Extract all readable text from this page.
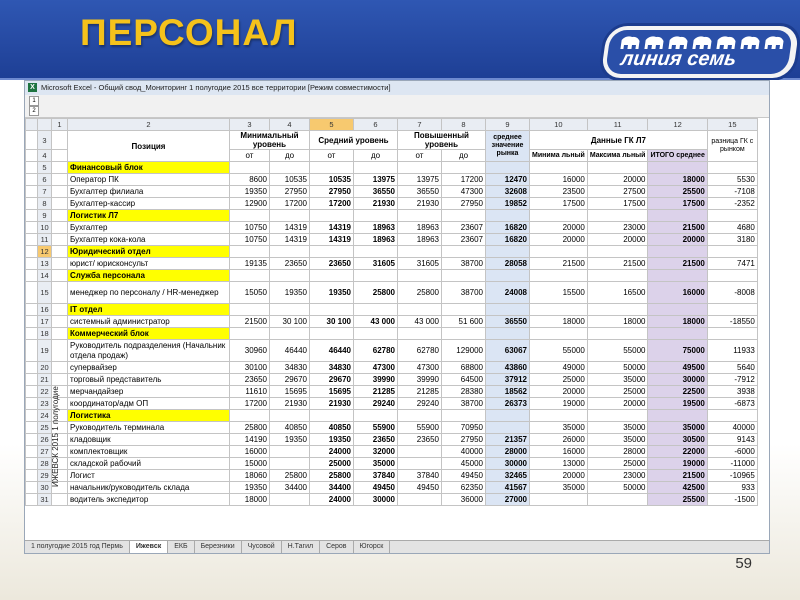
ПЕРСОНАЛ
линия семь
X Microsoft Excel - Общий свод_Мониторинг 1 полугодие 2015 все территории [Режим совместимости]
1
2
		1	2	3	4	5	6	7	8	9	10	11	12	15
	3		Позиция	Минимальный уровень		Средний уровень		Повышенный уровень		среднее значение рынка	Данные ГК Л7			разница ГК с рынком
	4			от	до	от	до	от	до		Минима льный	Максима льный	ИТОГО среднее	
	5		Финансовый блок											
	6		Оператор ПК	8600	10535	10535	13975	13975	17200	12470	16000	20000	18000	5530
	7		Бухгалтер филиала	19350	27950	27950	36550	36550	47300	32608	23500	27500	25500	-7108
	8		Бухгалтер-кассир	12900	17200	17200	21930	21930	27950	19852	17500	17500	17500	-2352
	9		Логистик Л7											
	10		Бухгалтер	10750	14319	14319	18963	18963	23607	16820	20000	23000	21500	4680
	11		Бухгалтер кока-кола	10750	14319	14319	18963	18963	23607	16820	20000	20000	20000	3180
	12		Юридический отдел											
	13		юрист/ юрисконсульт	19135	23650	23650	31605	31605	38700	28058	21500	21500	21500	7471
	14		Служба персонала											
	15		менеджер по персоналу / HR-менеджер	15050	19350	19350	25800	25800	38700	24008	15500	16500	16000	-8008
	16		IT отдел											
	17		системный администратор	21500	30 100	30 100	43 000	43 000	51 600	36550	18000	18000	18000	-18550
	18		Коммерческий блок											
	19		Руководитель подразделения (Начальник отдела продаж)	30960	46440	46440	62780	62780	129000	63067	55000	55000	75000	11933
	20		супервайзер	30100	34830	34830	47300	47300	68800	43860	49000	50000	49500	5640
	21		торговый представитель	23650	29670	29670	39990	39990	64500	37912	25000	35000	30000	-7912
	22		мерчандайзер	11610	15695	15695	21285	21285	28380	18562	20000	25000	22500	3938
	23		координатор/адм ОП	17200	21930	21930	29240	29240	38700	26373	19000	20000	19500	-6873
	24		Логистика											
	25		Руководитель терминала	25800	40850	40850	55900	55900	70950		35000	35000	35000	40000
	26		кладовщик	14190	19350	19350	23650	23650	27950	21357	26000	35000	30500	9143
	27		комплектовщик	16000		24000	32000		40000	28000	16000	28000	22000	-6000
	28		складской рабочий	15000		25000	35000		45000	30000	13000	25000	19000	-11000
	29		Логист	18060	25800	25800	37840	37840	49450	32465	20000	23000	21500	-10965
	30		начальник/руководитель склада	19350	34400	34400	49450	49450	62350	41567	35000	50000	42500	933
	31		водитель экспедитор	18000		24000	30000		36000	27000			25500	-1500
ИЖЕВСК 2015 1 полугодие
1 полугодие 2015 год Пермь Ижевск ЕКБ Березники Чусовой Н.Тагил Серов Югорск
59
